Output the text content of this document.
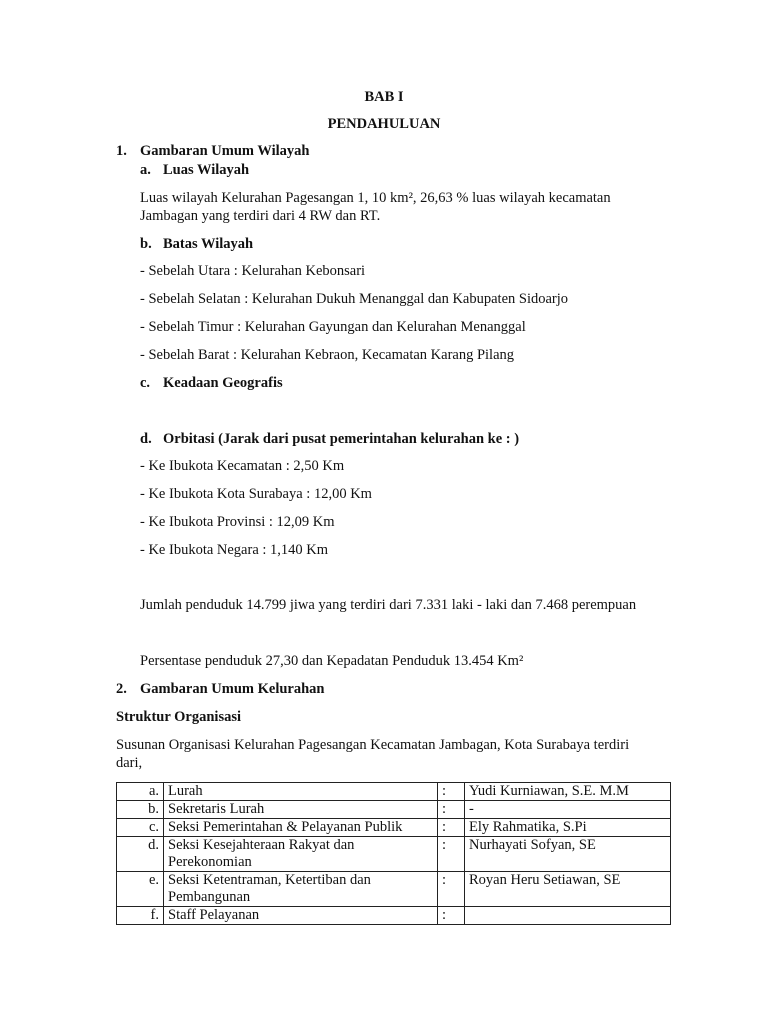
BAB I
PENDAHULUAN
1. Gambaran Umum Wilayah
a. Luas Wilayah
Luas wilayah Kelurahan Pagesangan 1, 10 km², 26,63 % luas wilayah kecamatan
Jambagan yang terdiri dari 4 RW dan RT.
b. Batas Wilayah
- Sebelah Utara : Kelurahan Kebonsari
- Sebelah Selatan : Kelurahan Dukuh Menanggal dan Kabupaten Sidoarjo
- Sebelah Timur : Kelurahan Gayungan dan Kelurahan Menanggal
- Sebelah Barat : Kelurahan Kebraon, Kecamatan Karang Pilang
c. Keadaan Geografis
d. Orbitasi (Jarak dari pusat pemerintahan kelurahan ke : )
- Ke Ibukota Kecamatan : 2,50 Km
- Ke Ibukota Kota Surabaya : 12,00 Km
- Ke Ibukota Provinsi : 12,09 Km
- Ke Ibukota Negara : 1,140 Km
Jumlah penduduk 14.799 jiwa yang terdiri dari 7.331 laki - laki dan 7.468 perempuan
Persentase penduduk 27,30 dan Kepadatan Penduduk 13.454 Km²
2. Gambaran Umum Kelurahan
Struktur Organisasi
Susunan Organisasi Kelurahan Pagesangan Kecamatan Jambagan, Kota Surabaya terdiri
dari,
a.	Lurah	:	Yudi Kurniawan, S.E. M.M
b.	Sekretaris Lurah	:	-
c.	Seksi Pemerintahan & Pelayanan Publik	:	Ely Rahmatika, S.Pi
d.	Seksi Kesejahteraan Rakyat dan Perekonomian	:	Nurhayati Sofyan, SE
e.	Seksi Ketentraman, Ketertiban dan Pembangunan	:	Royan Heru Setiawan, SE
f.	Staff Pelayanan	:	
